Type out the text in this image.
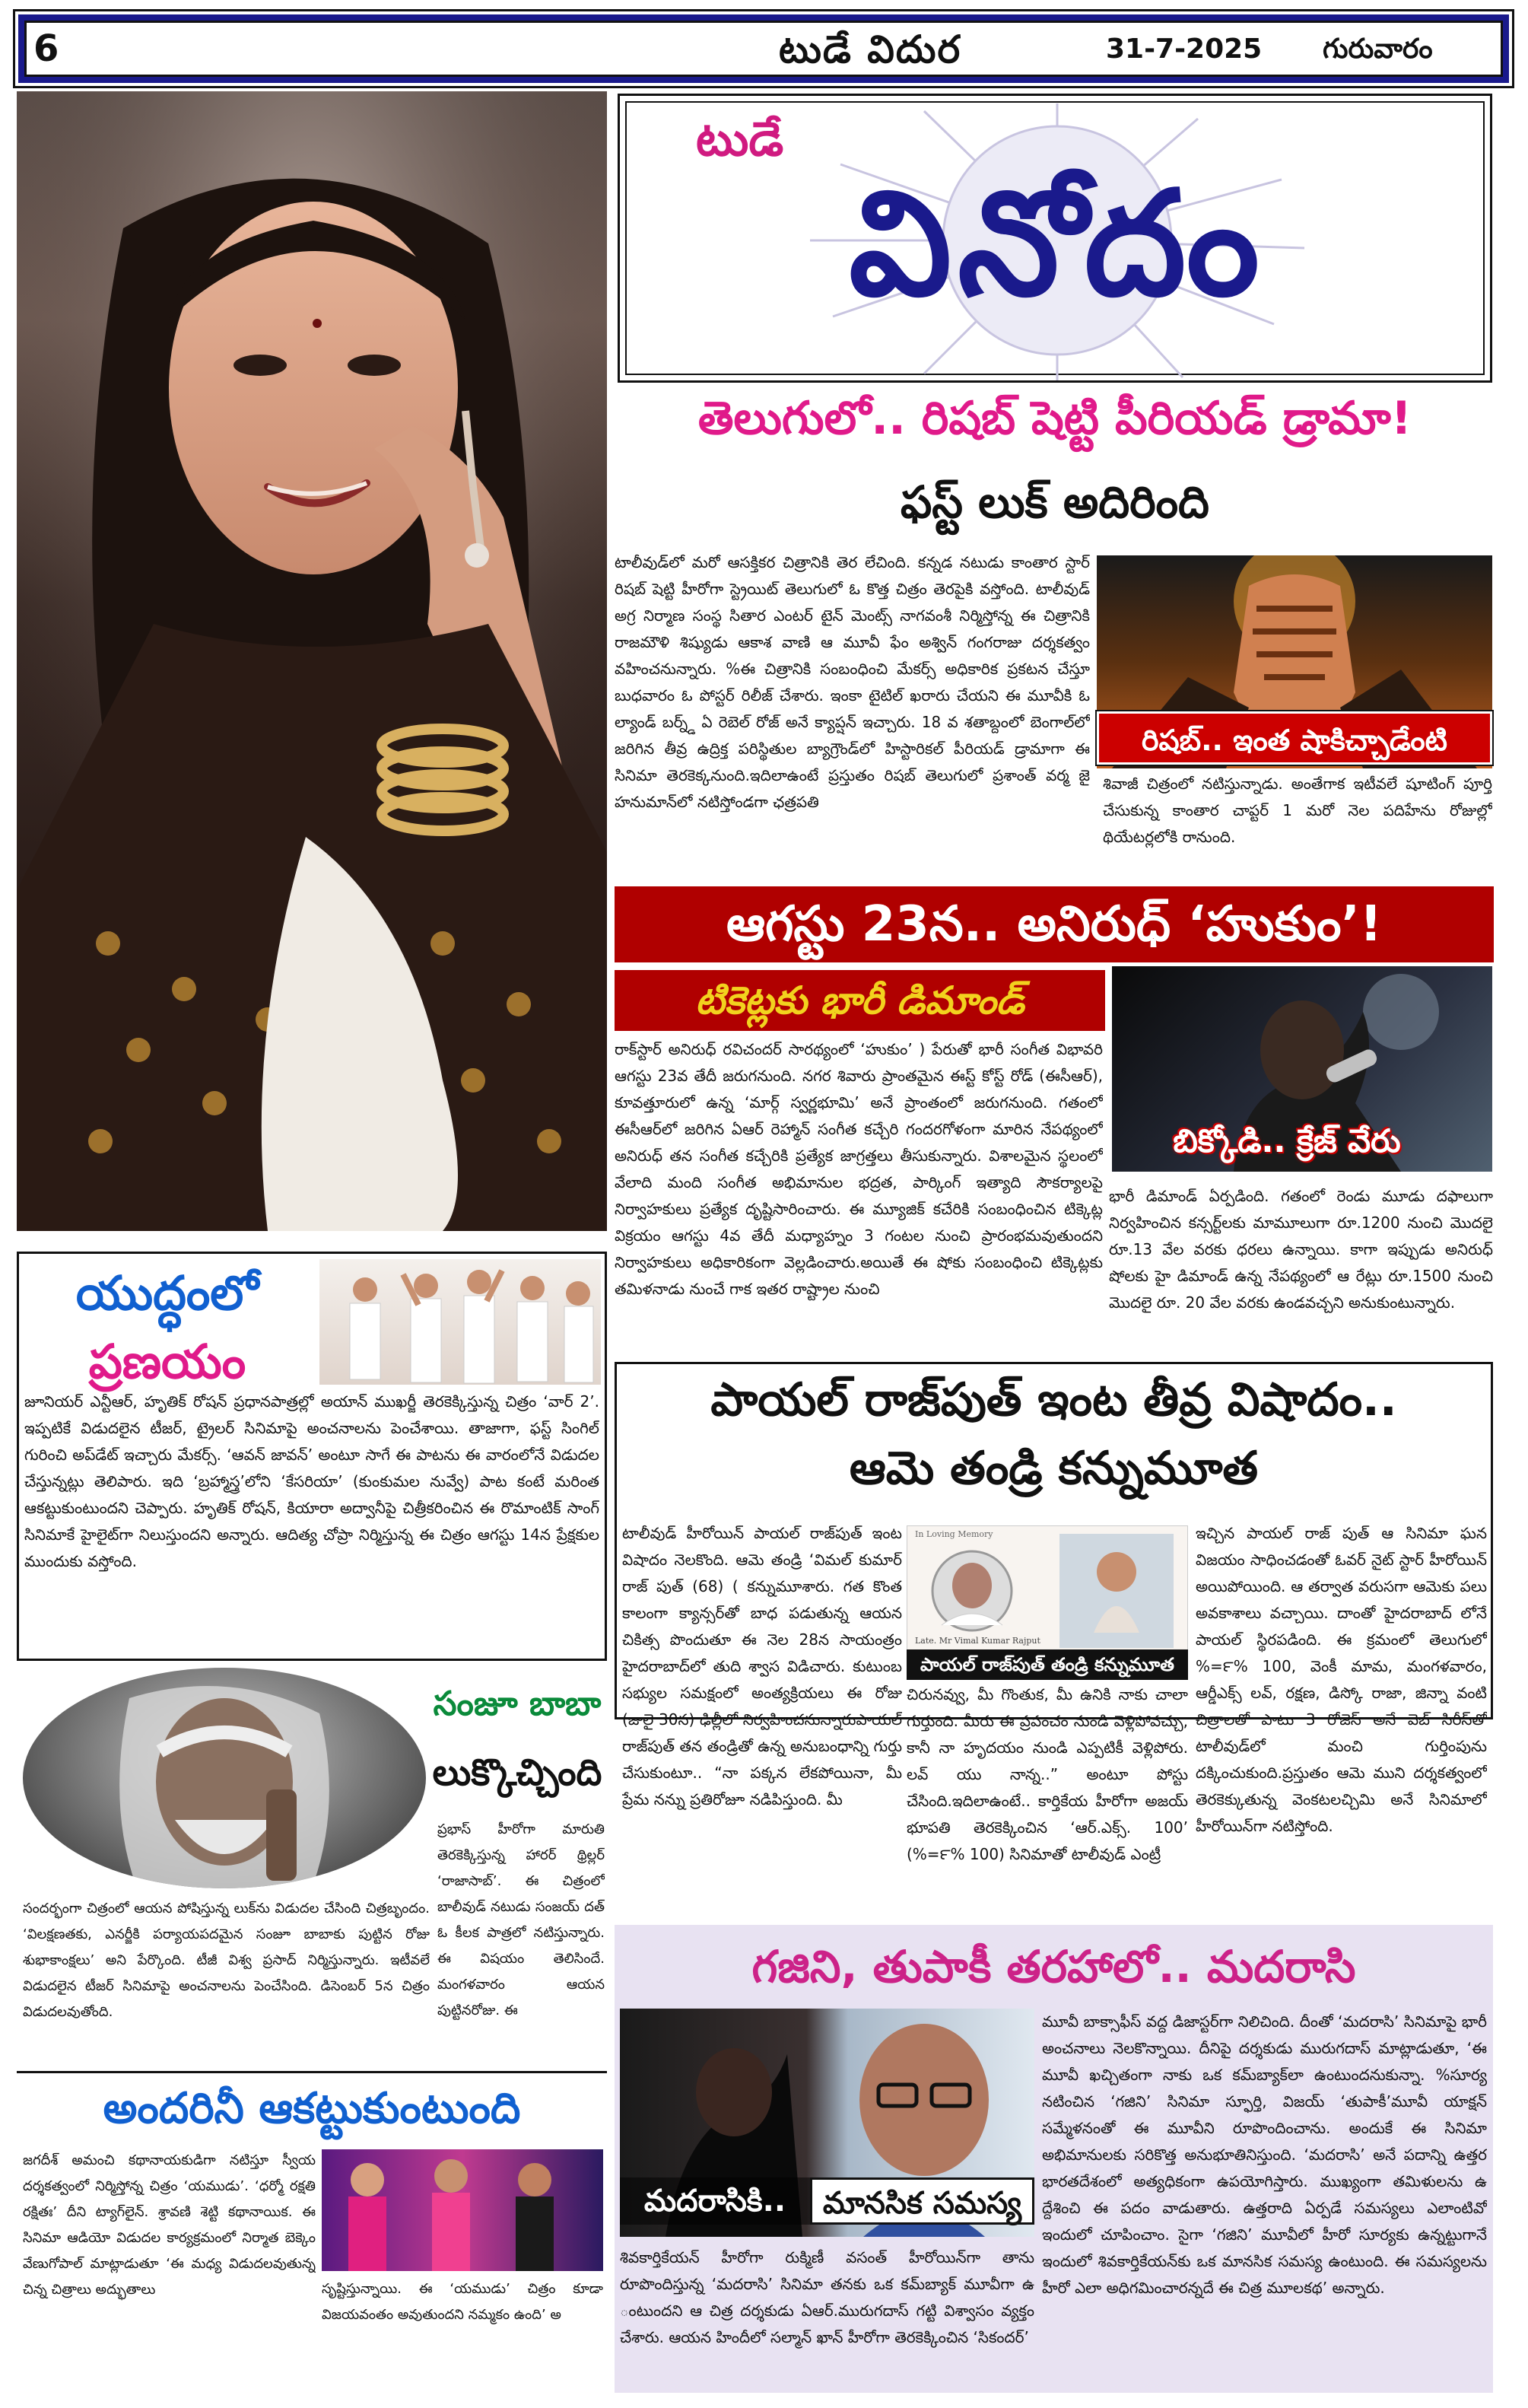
6	టుడే విదుర	31-7-2025 గురువారం
టుడే
వినోదం
తెలుగులో.. రిషబ్ షెట్టి పీరియడ్ డ్రామా!
ఫస్ట్ లుక్ అదిరింది
టాలీవుడ్‌లో మరో ఆసక్తికర చిత్రానికి తెర లేచింది. కన్నడ నటుడు కాంతార స్టార్ రిషబ్ షెట్టి హీరోగా స్ట్రెయిట్ తెలుగులో ఓ కొత్త చిత్రం తెరపైకి వస్తోంది. టాలీవుడ్ అగ్ర నిర్మాణ సంస్థ సితార ఎంటర్ టైన్ మెంట్స్ నాగవంశీ నిర్మిస్తోన్న ఈ చిత్రానికి రాజమౌళి శిష్యుడు ఆకాశ వాణి ఆ మూవీ ఫేం అశ్విన్ గంగరాజు దర్శకత్వం వహించనున్నారు. %ఈ చిత్రానికి సంబంధించి మేకర్స్ అధికారిక ప్రకటన చేస్తూ బుధవారం ఓ పోస్టర్ రిలీజ్ చేశారు. ఇంకా టైటిల్ ఖరారు చేయని ఈ మూవీకి ఓ ల్యాండ్ బర్న్డ్ ఏ రెబెల్ రోజ్ అనే క్యాప్షన్ ఇచ్చారు. 18 వ శతాబ్దంలో బెంగాల్‌లో జరిగిన తీవ్ర ఉద్రిక్త పరిస్థితుల బ్యాగ్రౌండ్‌లో హిస్టారికల్ పీరియడ్ డ్రామాగా ఈ సినిమా తెరకెక్కనుంది.ఇదిలాఉంటే ప్రస్తుతం రిషబ్ తెలుగులో ప్రశాంత్ వర్మ జై హనుమాన్‌లో నటిస్తోండగా ఛత్రపతి
రిషబ్.. ఇంత షాకిచ్చాడేంటి
శివాజీ చిత్రంలో నటిస్తున్నాడు. అంతేగాక ఇటీవలే షూటింగ్ పూర్తి చేసుకున్న కాంతార చాప్టర్ 1 మరో నెల పదిహేను రోజుల్లో థియేటర్లలోకి రానుంది.
ఆగస్టు 23న.. అనిరుధ్ ‘హుకుం’!
టికెట్లకు భారీ డిమాండ్
బిక్కోడి.. క్రేజ్ వేరు
రాక్‌స్టార్ అనిరుధ్ రవిచందర్ సారథ్యంలో ‘హుకుం’ ) పేరుతో భారీ సంగీత విభావరి ఆగస్టు 23వ తేదీ జరుగనుంది. నగర శివారు ప్రాంతమైన ఈస్ట్ కోస్ట్ రోడ్ (ఈసీఆర్), కూవత్తూరులో ఉన్న ‘మార్గ్ స్వర్ణభూమి’ అనే ప్రాంతంలో జరుగనుంది. గతంలో ఈసీఆర్‌లో జరిగిన ఏఆర్ రెహ్మాన్ సంగీత కచ్చేరి గందరగోళంగా మారిన నేపథ్యంలో అనిరుధ్ తన సంగీత కచ్చేరికి ప్రత్యేక జాగ్రత్తలు తీసుకున్నారు. విశాలమైన స్థలంలో వేలాది మంది సంగీత అభిమానుల భద్రత, పార్కింగ్ ఇత్యాది సౌకర్యాలపై నిర్వాహకులు ప్రత్యేక దృష్టిసారించారు. ఈ మ్యూజిక్ కచేరికి సంబంధించిన టిక్కెట్ల విక్రయం ఆగస్టు 4వ తేదీ మధ్యాహ్నం 3 గంటల నుంచి ప్రారంభమవుతుందని నిర్వాహకులు అధికారికంగా వెల్లడించారు.అయితే ఈ షోకు సంబంధించి టిక్కెట్లకు తమిళనాడు నుంచే గాక ఇతర రాష్ట్రాల నుంచి
భారీ డిమాండ్ ఏర్పడింది. గతంలో రెండు మూడు దఫాలుగా నిర్వహించిన కన్సర్ట్‌లకు మామూలుగా రూ.1200 నుంచి మొదలై రూ.13 వేల వరకు ధరలు ఉన్నాయి. కాగా ఇప్పుడు అనిరుధ్ షోలకు హై డిమాండ్ ఉన్న నేపథ్యంలో ఆ రేట్లు రూ.1500 నుంచి మొదలై రూ. 20 వేల వరకు ఉండవచ్చని అనుకుంటున్నారు.
యుద్ధంలో
ప్రణయం
జూనియర్ ఎన్టీఆర్, హృతిక్ రోషన్ ప్రధానపాత్రల్లో అయాన్ ముఖర్జీ తెరకెక్కిస్తున్న చిత్రం ‘వార్ 2’. ఇప్పటికే విడుదలైన టీజర్, ట్రైలర్ సినిమాపై అంచనాలను పెంచేశాయి. తాజాగా, ఫస్ట్ సింగిల్ గురించి అప్‌డేట్ ఇచ్చారు మేకర్స్. ‘ఆవన్ జావన్’ అంటూ సాగే ఈ పాటను ఈ వారంలోనే విడుదల చేస్తున్నట్లు తెలిపారు. ఇది ‘బ్రహ్మాస్త్ర’లోని ‘కేసరియా’ (కుంకుమల నువ్వే) పాట కంటే మరింత ఆకట్టుకుంటుందని చెప్పారు. హృతిక్ రోషన్, కియారా అద్వానీపై చిత్రీకరించిన ఈ రొమాంటిక్ సాంగ్ సినిమాకే హైలైట్‌గా నిలుస్తుందని అన్నారు. ఆదిత్య చోప్రా నిర్మిస్తున్న ఈ చిత్రం ఆగస్టు 14న ప్రేక్షకుల ముందుకు వస్తోంది.
సంజూ బాబా
లుక్కొచ్చింది
ప్రభాస్ హీరోగా మారుతి తెరకెక్కిస్తున్న హారర్ థ్రిల్లర్ ‘రాజాసాబ్’. ఈ చిత్రంలో బాలీవుడ్ నటుడు సంజయ్ దత్ ఓ కీలక పాత్రలో నటిస్తున్నారు. ఈ విషయం తెలిసిందే. మంగళవారం ఆయన పుట్టినరోజు. ఈ
సందర్భంగా చిత్రంలో ఆయన పోషిస్తున్న లుక్‌ను విడుదల చేసింది చిత్రబృందం. ‘విలక్షణతకు, ఎనర్జీకి పర్యాయపదమైన సంజూ బాబాకు పుట్టిన రోజు శుభాకాంక్షలు’ అని పేర్కొంది. టీజీ విశ్వ ప్రసాద్ నిర్మిస్తున్నారు. ఇటీవలే విడుదలైన టీజర్ సినిమాపై అంచనాలను పెంచేసింది. డిసెంబర్ 5న చిత్రం విడుదలవుతోంది.
అందరినీ ఆకట్టుకుంటుంది
జగదీశ్ అమంచి కథానాయకుడిగా నటిస్తూ స్వీయ దర్శకత్వంలో నిర్మిస్తోన్న చిత్రం ‘యముడు’. ‘ధర్మో రక్షతి రక్షితః’ దీని ట్యాగ్‌లైన్. శ్రావణి శెట్టి కథానాయిక. ఈ సినిమా ఆడియో విడుదల కార్యక్రమంలో నిర్మాత బెక్కెం వేణుగోపాల్ మాట్లాడుతూ ‘ఈ మధ్య విడుదలవుతున్న చిన్న చిత్రాలు అద్భుతాలు	సృష్టిస్తున్నాయి. ఈ ‘యముడు’ చిత్రం కూడా విజయవంతం అవుతుందని నమ్మకం ఉంది’ అ
పాయల్ రాజ్‌పుత్ ఇంట తీవ్ర విషాదం..
ఆమె తండ్రి కన్నుమూత
టాలీవుడ్ హీరోయిన్ పాయల్ రాజ్‌పుత్ ఇంట విషాదం నెలకొంది. ఆమె తండ్రి ‘విమల్ కుమార్ రాజ్ పుత్ (68) ( కన్నుమూశారు. గత కొంత కాలంగా క్యాన్సర్‌తో బాధ పడుతున్న ఆయన చికిత్స పొందుతూ ఈ నెల 28న సాయంత్రం హైదరాబాద్‌లో తుది శ్వాస విడిచారు. కుటుంబ సభ్యుల సమక్షంలో అంత్యక్రియలు ఈ రోజు (జులై 30న) ఢిల్లీలో నిర్వహించనున్నారుపాయల్ రాజ్‌పుత్ తన తండ్రితో ఉన్న అనుబంధాన్ని గుర్తు చేసుకుంటూ.. “నా పక్కన లేకపోయినా, మీ ప్రేమ నన్ను ప్రతిరోజూ నడిపిస్తుంది. మీ
In Loving Memory
Late. Mr Vimal Kumar Rajput
పాయల్ రాజ్‌పుత్ తండ్రి కన్నుమూత
చిరునవ్వు, మీ గొంతుక, మీ ఉనికి నాకు చాలా గుర్తుంది. మీరు ఈ ప్రపంచం నుండి వెళ్లిపోవచ్చు, కానీ నా హృదయం నుండి ఎప్పటికీ వెళ్లిపోరు. లవ్ యు నాన్న..” అంటూ పోస్టు చేసింది.ఇదిలాఉంటే.. కార్తికేయ హీరోగా అజయ్ భూపతి తెరకెక్కించిన ‘ఆర్.ఎక్స్. 100’ (%=౯% 100) సినిమాతో టాలీవుడ్ ఎంట్రీ
ఇచ్చిన పాయల్ రాజ్ పుత్ ఆ సినిమా ఘన విజయం సాధించడంతో ఓవర్ నైట్ స్టార్ హీరోయిన్ అయిపోయింది. ఆ తర్వాత వరుసగా ఆమెకు పలు అవకాశాలు వచ్చాయి. దాంతో హైదరాబాద్ లోనే పాయల్ స్థిరపడింది. ఈ క్రమంలో తెలుగులో %=౯% 100, వెంకీ మామ, మంగళవారం, ఆర్డీఎక్స్ లవ్, రక్షణ, డిస్కో రాజా, జిన్నా వంటి చిత్రాలతో పాటు 3 రోజెస్ అనే వెబ్ సిరీస్‌తో టాలీవుడ్‌లో మంచి గుర్తింపును దక్కించుకుంది.ప్రస్తుతం ఆమె ముని దర్శకత్వంలో తెరకెక్కుతున్న వెంకటలచ్చిమి అనే సినిమాలో హీరోయిన్‌గా నటిస్తోంది.
గజిని, తుపాకీ తరహాలో.. మదరాసి
మదరాసికి..	మానసిక సమస్య
మూవీ బాక్సాఫీస్ వద్ద డిజాస్టర్‌గా నిలిచింది. దీంతో ‘మదరాసి’ సినిమాపై భారీ అంచనాలు నెలకొన్నాయి. దీనిపై దర్శకుడు మురుగదాస్ మాట్లాడుతూ, ‘ఈ మూవీ ఖచ్చితంగా నాకు ఒక కమ్‌బ్యాక్‌లా ఉంటుందనుకున్నా. %సూర్య నటించిన ‘గజిని’ సినిమా స్ఫూర్తి, విజయ్ ‘తుపాకీ’మూవీ యాక్షన్ సమ్మేళనంతో ఈ మూవీని రూపొందించాను. అందుకే ఈ సినిమా అభిమానులకు సరికొత్త అనుభూతినిస్తుంది. ‘మదరాసి’ అనే పదాన్ని ఉత్తర భారతదేశంలో అత్యధికంగా ఉపయోగిస్తారు. ముఖ్యంగా తమిళులను ఉ ద్దేశించి ఈ పదం వాడుతారు. ఉత్తరాది ఏర్పడే సమస్యలు ఎలాంటివో ఇందులో చూపించాం. సైగా ‘గజిని’ మూవీలో హీరో సూర్యకు ఉన్నట్టుగానే ఇందులో శివకార్తికేయన్‌కు ఒక మానసిక సమస్య ఉంటుంది. ఈ సమస్యలను హీరో ఎలా అధిగమించారన్నదే ఈ చిత్ర మూలకథ’ అన్నారు.
శివకార్తికేయన్ హీరోగా రుక్మిణీ వసంత్ హీరోయిన్‌గా తాను రూపొందిస్తున్న ‘మదరాసి’ సినిమా తనకు ఒక కమ్‌బ్యాక్ మూవీగా ఉ ంటుందని ఆ చిత్ర దర్శకుడు ఏఆర్.మురుగదాస్ గట్టి విశ్వాసం వ్యక్తం చేశారు. ఆయన హిందీలో సల్మాన్ ఖాన్ హీరోగా తెరకెక్కించిన ‘సికందర్’
